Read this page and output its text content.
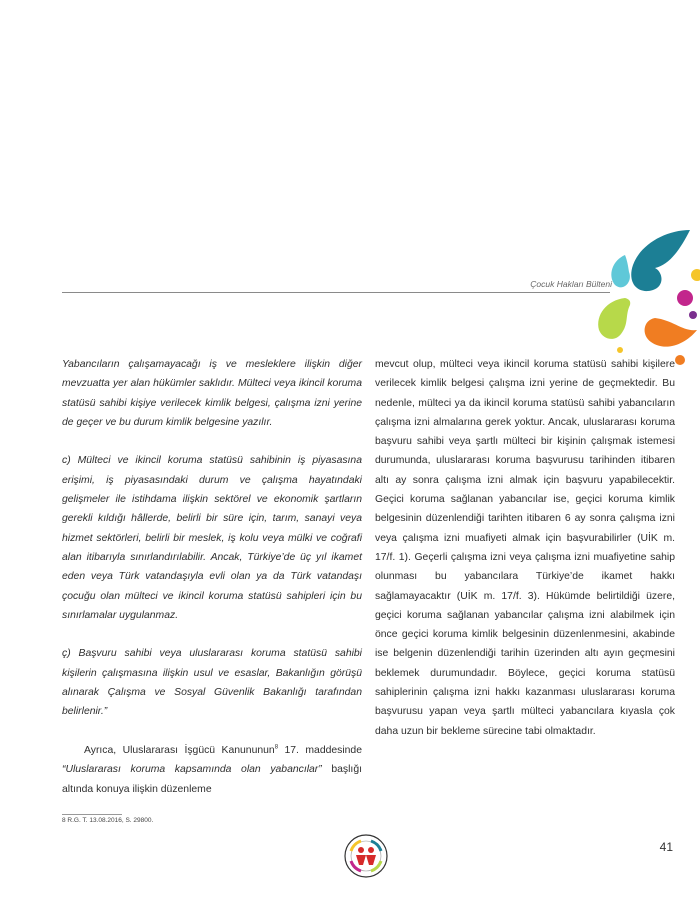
Çocuk Hakları Bülteni

Yabancıların çalışamayacağı iş ve mesleklere ilişkin diğer mevzuatta yer alan hükümler saklıdır. Mülteci veya ikincil koruma statüsü sahibi kişiye verilecek kimlik belgesi, çalışma izni yerine de geçer ve bu durum kimlik belgesine yazılır.

c) Mülteci ve ikincil koruma statüsü sahibinin iş piyasasına erişimi, iş piyasasındaki durum ve çalışma hayatındaki gelişmeler ile istihdama ilişkin sektörel ve ekonomik şartların gerekli kıldığı hâllerde, belirli bir süre için, tarım, sanayi veya hizmet sektörleri, belirli bir meslek, iş kolu veya mülki ve coğrafi alan itibarıyla sınırlandırılabilir. Ancak, Türkiye’de üç yıl ikamet eden veya Türk vatandaşıyla evli olan ya da Türk vatandaşı çocuğu olan mülteci ve ikincil koruma statüsü sahipleri için bu sınırlamalar uygulanmaz.

ç) Başvuru sahibi veya uluslararası koruma statüsü sahibi kişilerin çalışmasına ilişkin usul ve esaslar, Bakanlığın görüşü alınarak Çalışma ve Sosyal Güvenlik Bakanlığı tarafından belirlenir.”

Ayrıca, Uluslararası İşgücü Kanununun$^8$ 17. maddesinde “Uluslararası koruma kapsamında olan yabancılar” başlığı altında konuya ilişkin düzenleme

mevcut olup, mülteci veya ikincil koruma statüsü sahibi kişilere verilecek kimlik belgesi çalışma izni yerine de geçmektedir. Bu nedenle, mülteci ya da ikincil koruma statüsü sahibi yabancıların çalışma izni almalarına gerek yoktur. Ancak, uluslararası koruma başvuru sahibi veya şartlı mülteci bir kişinin çalışmak istemesi durumunda, uluslararası koruma başvurusu tarihinden itibaren altı ay sonra çalışma izni almak için başvuru yapabilecektir. Geçici koruma sağlanan yabancılar ise, geçici koruma kimlik belgesinin düzenlendiği tarihten itibaren 6 ay sonra çalışma izni veya çalışma izni muafiyeti almak için başvurabilirler (UİK m. 17/f. 1). Geçerli çalışma izni veya çalışma izni muafiyetine sahip olunması bu yabancılara Türkiye’de ikamet hakkı sağlamayacaktır (UİK m. 17/f. 3). Hükümde belirtildiği üzere, geçici koruma sağlanan yabancılar çalışma izni alabilmek için önce geçici koruma kimlik belgesinin düzenlenmesini, akabinde ise belgenin düzenlendiği tarihin üzerinden altı ayın geçmesini beklemek durumundadır. Böylece, geçici koruma statüsü sahiplerinin çalışma izni hakkı kazanması uluslararası koruma başvurusu yapan veya şartlı mülteci yabancılara kıyasla çok daha uzun bir bekleme sürecine tabi olmaktadır.

8 R.G. T. 13.08.2016, S. 29800.
41
